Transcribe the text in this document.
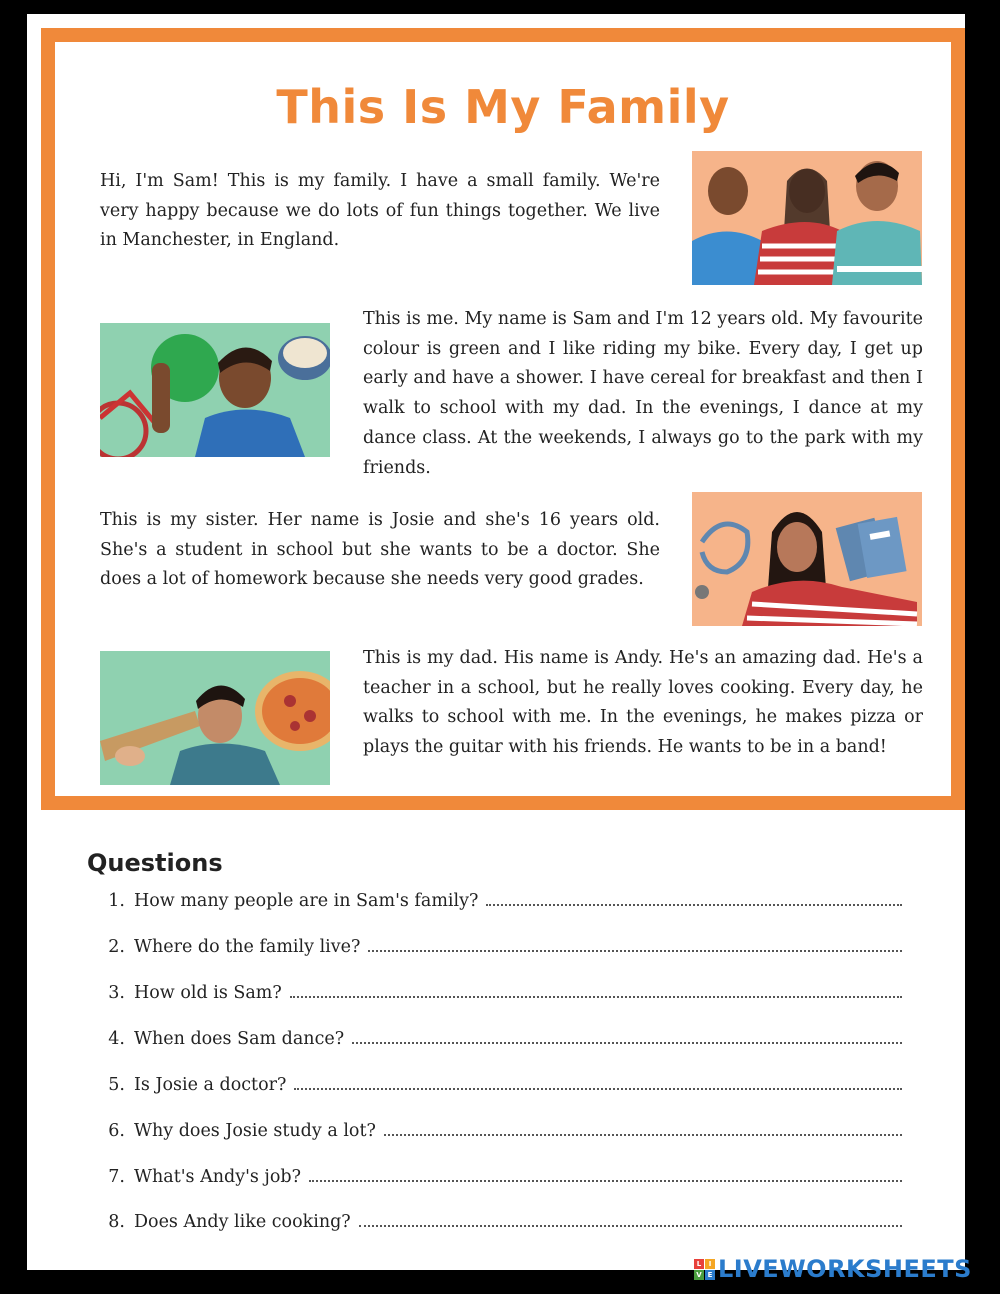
This Is My Family
Hi, I'm Sam! This is my family. I have a small family. We're very happy because we do lots of fun things together. We live in Manchester, in England.
This is me. My name is Sam and I'm 12 years old. My favourite colour is green and I like riding my bike. Every day, I get up early and have a shower. I have cereal for breakfast and then I walk to school with my dad. In the evenings, I dance at my dance class. At the weekends, I always go to the park with my friends.
This is my sister. Her name is Josie and she's 16 years old. She's a student in school but she wants to be a doctor. She does a lot of homework because she needs very good grades.
This is my dad. His name is Andy. He's an amazing dad. He's a teacher in a school, but he really loves cooking. Every day, he walks to school with me. In the evenings, he makes pizza or plays the guitar with his friends. He wants to be in a band!
Questions
1. How many people are in Sam's family?
2. Where do the family live?
3. How old is Sam?
4. When does Sam dance?
5. Is Josie a doctor?
6. Why does Josie study a lot?
7. What's Andy's job?
8. Does Andy like cooking?
L	I
V E LIVEWORKSHEETS
